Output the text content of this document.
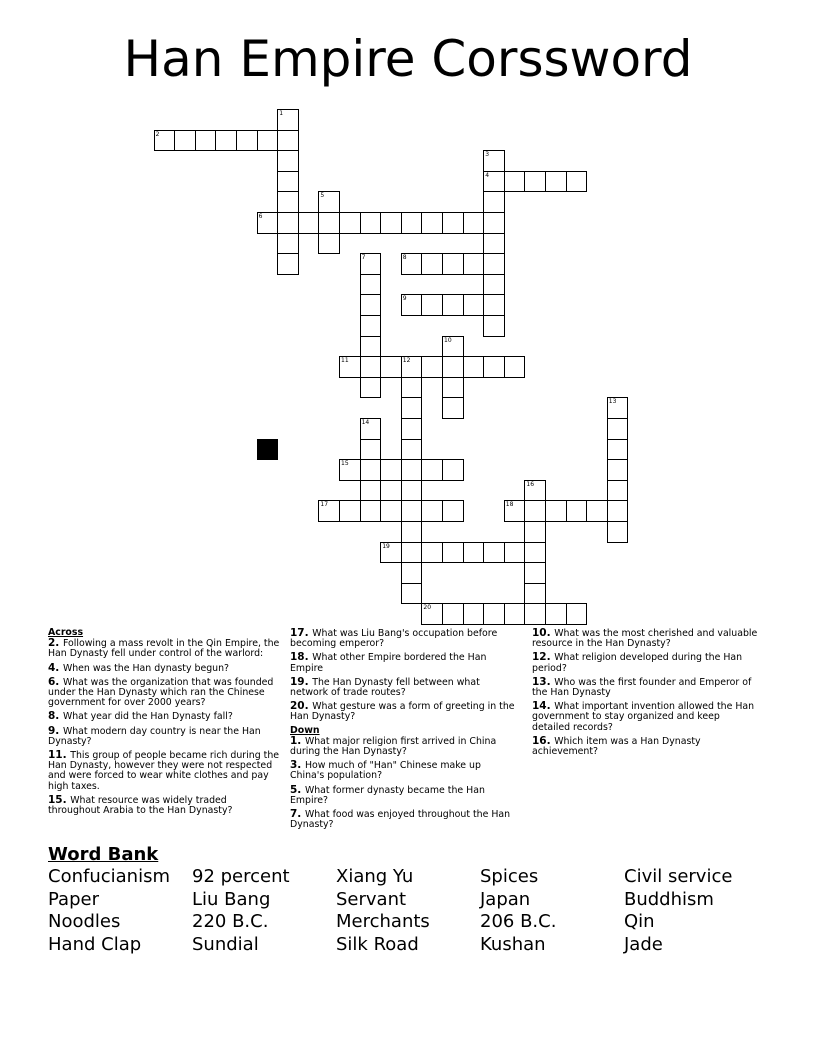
Han Empire Corssword
1
2
3
4
5
6
7	8
9
10
11	12
13
14
15
16
17	18
19
20
Across
2. Following a mass revolt in the Qin Empire, the Han Dynasty fell under control of the warlord:
4. When was the Han dynasty begun?
6. What was the organization that was founded under the Han Dynasty which ran the Chinese government for over 2000 years?
8. What year did the Han Dynasty fall?
9. What modern day country is near the Han Dynasty?
11. This group of people became rich during the Han Dynasty, however they were not respected and were forced to wear white clothes and pay high taxes.
15. What resource was widely traded throughout Arabia to the Han Dynasty?
17. What was Liu Bang's occupation before becoming emperor?
18. What other Empire bordered the Han Empire
19. The Han Dynasty fell between what network of trade routes?
20. What gesture was a form of greeting in the Han Dynasty?
Down
1. What major religion first arrived in China during the Han Dynasty?
3. How much of "Han" Chinese make up China's population?
5. What former dynasty became the Han Empire?
7. What food was enjoyed throughout the Han Dynasty?
10. What was the most cherished and valuable resource in the Han Dynasty?
12. What religion developed during the Han period?
13. Who was the first founder and Emperor of the Han Dynasty
14. What important invention allowed the Han government to stay organized and keep detailed records?
16. Which item was a Han Dynasty achievement?
Word Bank
Confucianism	92 percent	Xiang Yu	Spices	Civil service
Paper	Liu Bang	Servant	Japan	Buddhism
Noodles	220 B.C.	Merchants	206 B.C.	Qin
Hand Clap	Sundial	Silk Road	Kushan	Jade
